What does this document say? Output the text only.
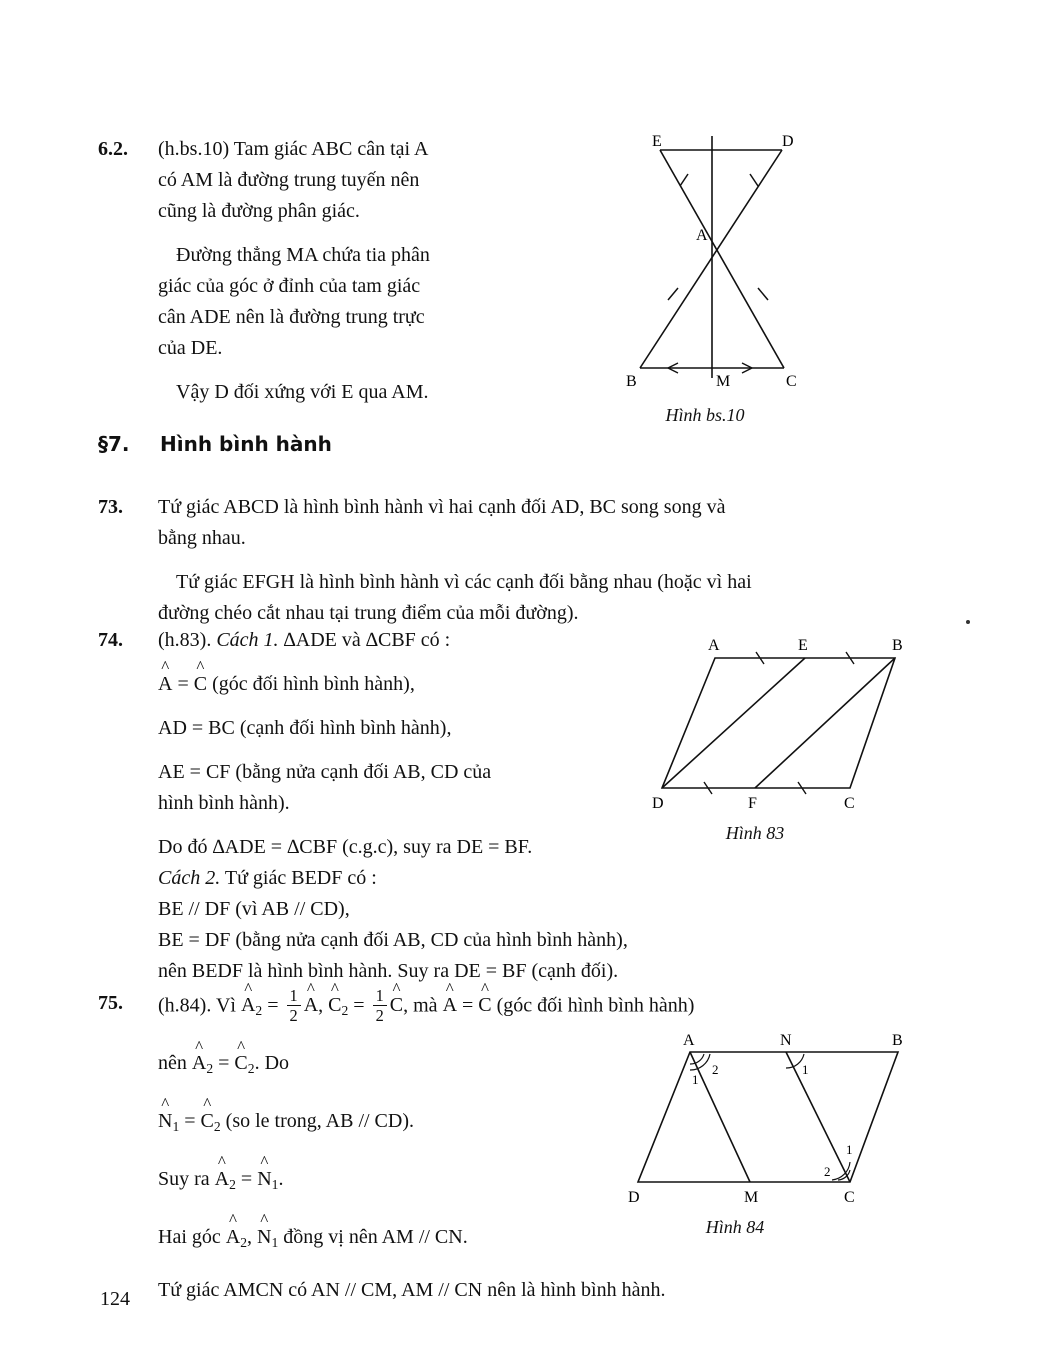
6.2.	(h.bs.10) Tam giác ABC cân tại A

có AM là đường trung tuyến nên

cũng là đường phân giác.

Đường thẳng MA chứa tia phân

giác của góc ở đỉnh của tam giác

cân ADE nên là đường trung trực

của DE.

Vậy D đối xứng với E qua AM.

E	D
A
B	M	C
Hình bs.10
§7. Hình bình hành
73.	Tứ giác ABCD là hình bình hành vì hai cạnh đối AD, BC song song và

bằng nhau.

Tứ giác EFGH là hình bình hành vì các cạnh đối bằng nhau (hoặc vì hai

đường chéo cắt nhau tại trung điểm của mỗi đường).

74.	(h.83). Cách 1. ∆ADE và ∆CBF có :

^
A =
^
C (góc đối hình bình hành),

AD = BC (cạnh đối hình bình hành),

AE = CF (bằng nửa cạnh đối AB, CD của

hình bình hành).

Do đó ∆ADE = ∆CBF (c.g.c), suy ra DE = BF.

Cách 2. Tứ giác BEDF có :

BE // DF (vì AB // CD),

BE = DF (bằng nửa cạnh đối AB, CD của hình bình hành),

nên BEDF là hình bình hành. Suy ra DE = BF (cạnh đối).

A	E	B
D	F	C
Hình 83
75.	(h.84). Vì
^
$A_2 = \frac{1}{2}$ ^
A,
^
$C_2 = \frac{1}{2}$ ^
C, mà
^
A =
^
C (góc đối hình bình hành)

nên
^
$A_2$ =
^
$C_2$. Do

^
$N_1$ =
^
$C_2$ (so le trong, AB // CD).

Suy ra
^
$A_2$ =
^
$N_1$.

Hai góc
^
$A_2$,
^
$N_1$ đồng vị nên AM // CN.

Tứ giác AMCN có AN // CM, AM // CN nên là hình bình hành.

1
2	1
1
2
A	N	B
D	M	C
Hình 84
124
